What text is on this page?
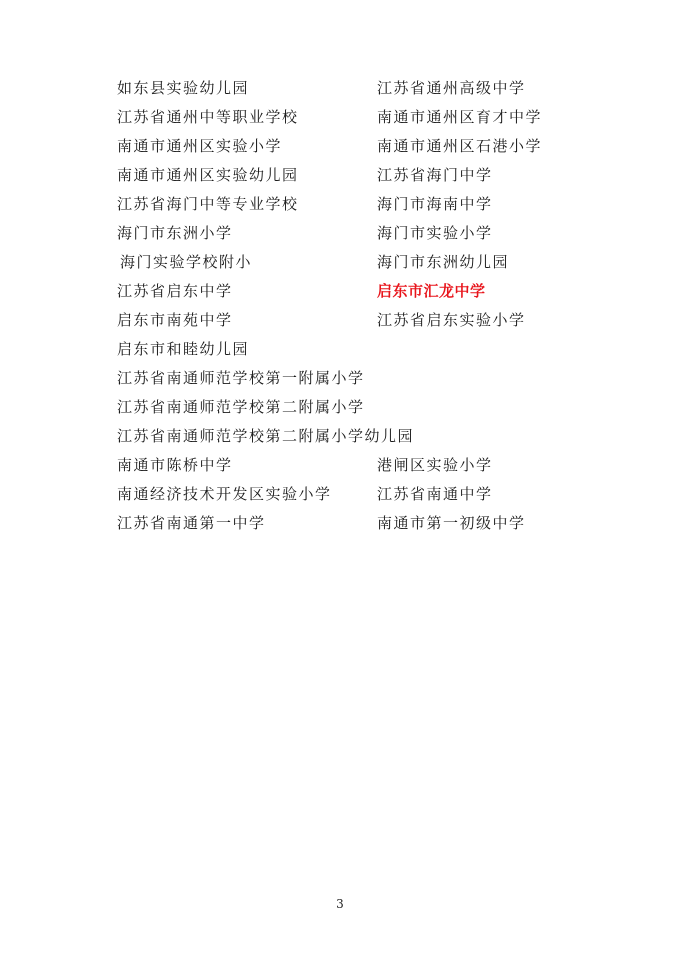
如东县实验幼儿园	江苏省通州高级中学
江苏省通州中等职业学校	南通市通州区育才中学
南通市通州区实验小学	南通市通州区石港小学
南通市通州区实验幼儿园	江苏省海门中学
江苏省海门中等专业学校	海门市海南中学
海门市东洲小学	海门市实验小学
海门实验学校附小	海门市东洲幼儿园
江苏省启东中学	启东市汇龙中学
启东市南苑中学	江苏省启东实验小学
启东市和睦幼儿园
江苏省南通师范学校第一附属小学
江苏省南通师范学校第二附属小学
江苏省南通师范学校第二附属小学幼儿园
南通市陈桥中学	港闸区实验小学
南通经济技术开发区实验小学	江苏省南通中学
江苏省南通第一中学	南通市第一初级中学
3
